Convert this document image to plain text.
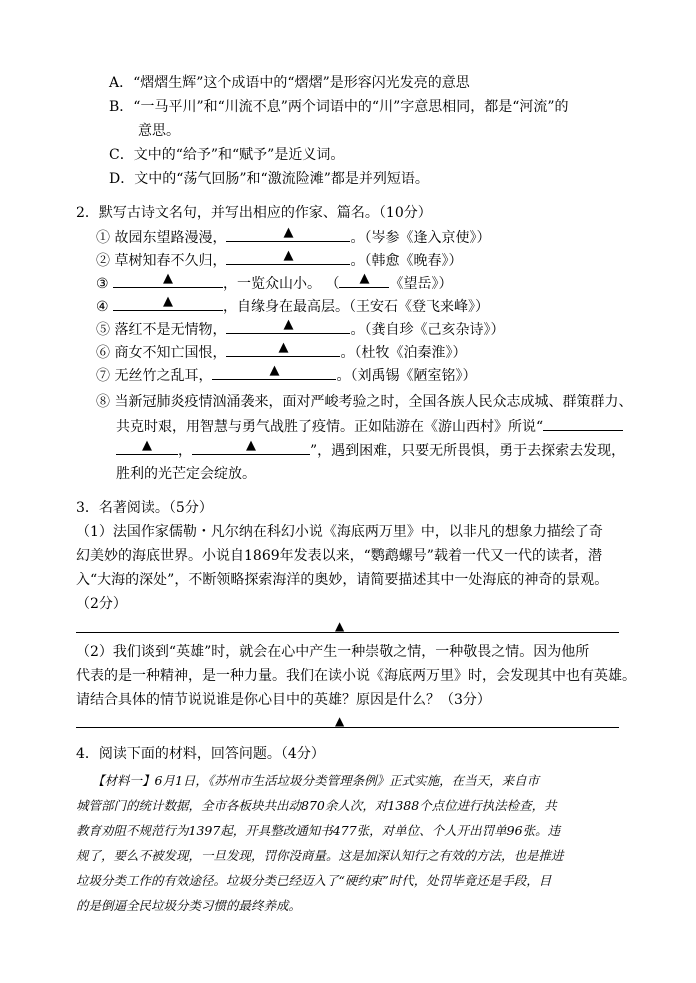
A．“熠熠生辉”这个成语中的“熠熠”是形容闪光发亮的意思
B．“一马平川”和“川流不息”两个词语中的“川”字意思相同，都是“河流”的
意思。
C．文中的“给予”和“赋予”是近义词。
D．文中的“荡气回肠”和“激流险滩”都是并列短语。
2．默写古诗文名句，并写出相应的作家、篇名。（10分）
① 故园东望路漫漫，	▲	。（岑参《逢入京使》）
② 草树知春不久归，	▲	。（韩愈《晚春》）
③	▲	，一览众山小。 （ ▲ 《望岳》）
④	▲	，自缘身在最高层。（王安石《登飞来峰》）
⑤ 落红不是无情物，	▲	。（龚自珍《己亥杂诗》）
⑥ 商女不知亡国恨，	▲	。（杜牧《泊秦淮》）
⑦ 无丝竹之乱耳，	▲	。（刘禹锡《陋室铭》）
⑧ 当新冠肺炎疫情汹涌袭来，面对严峻考验之时，全国各族人民众志成城、群策群力、
共克时艰，用智慧与勇气战胜了疫情。正如陆游在《游山西村》所说“
▲ ，	▲	”，遇到困难，只要无所畏惧，勇于去探索去发现，
胜利的光芒定会绽放。
3．名著阅读。（5分）
（1）法国作家儒勒・凡尔纳在科幻小说《海底两万里》中，以非凡的想象力描绘了奇
幻美妙的海底世界。小说自1869年发表以来，“鹦鹉螺号”载着一代又一代的读者，潜
入“大海的深处”，不断领略探索海洋的奥妙，请简要描述其中一处海底的神奇的景观。
（2分）
▲
（2）我们谈到“英雄”时，就会在心中产生一种崇敬之情，一种敬畏之情。因为他所
代表的是一种精神，是一种力量。我们在读小说《海底两万里》时，会发现其中也有英雄。
请结合具体的情节说说谁是你心目中的英雄？原因是什么？（3分）
▲
4．阅读下面的材料，回答问题。（4分）
【材料一】6月1日，《苏州市生活垃圾分类管理条例》正式实施，在当天，来自市
城管部门的统计数据，全市各板块共出动870余人次，对1388个点位进行执法检查，共
教育劝阻不规范行为1397起，开具整改通知书477张，对单位、个人开出罚单96张。违
规了，要么不被发现，一旦发现，罚你没商量。这是加深认知行之有效的方法，也是推进
垃圾分类工作的有效途径。垃圾分类已经迈入了“硬约束”时代，处罚毕竟还是手段，目
的是倒逼全民垃圾分类习惯的最终养成。
